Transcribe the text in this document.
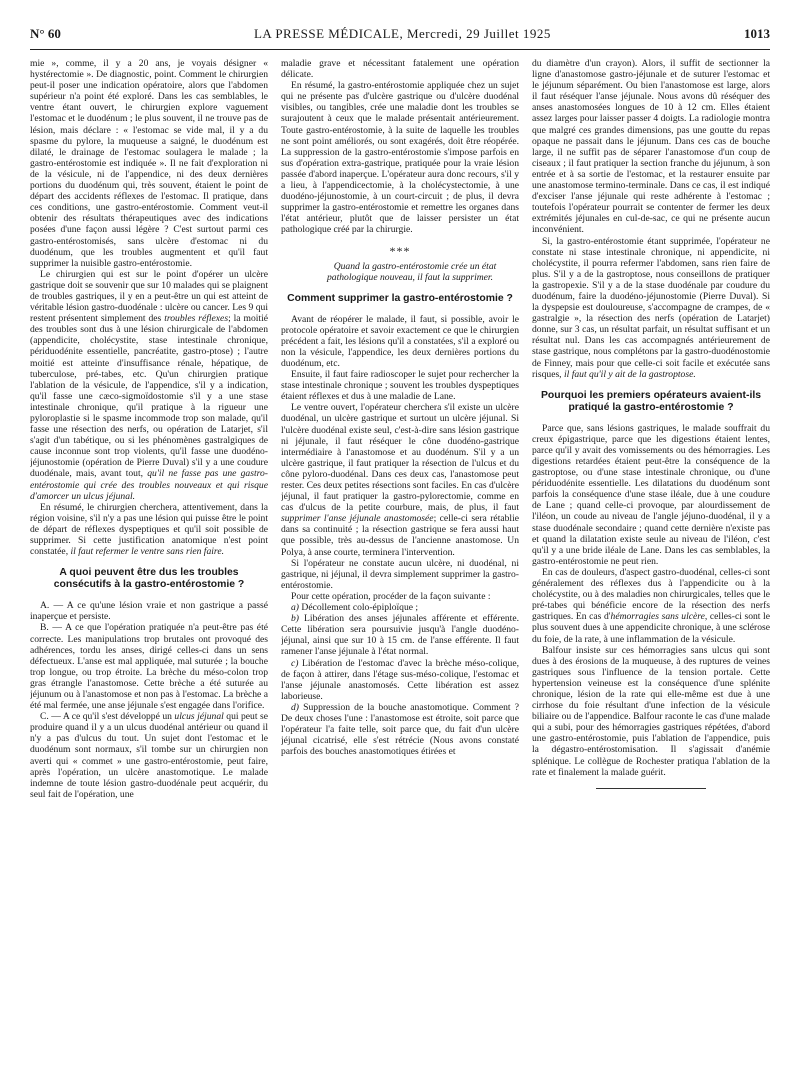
N° 60	LA PRESSE MÉDICALE, Mercredi, 29 Juillet 1925	1013

mie », comme, il y a 20 ans, je voyais désigner « hystérectomie ». De diagnostic, point. Comment le chirurgien peut-il poser une indication opératoire, alors que l'abdomen supérieur n'a point été exploré. Dans les cas semblables, le ventre étant ouvert, le chirurgien explore vaguement l'estomac et le duodénum ; le plus souvent, il ne trouve pas de lésion, mais déclare : « l'estomac se vide mal, il y a du spasme du pylore, la muqueuse a saigné, le duodénum est dilaté, le drainage de l'estomac soulagera le malade ; la gastro-entérostomie est indiquée ». Il ne fait d'exploration ni de la vésicule, ni de l'appendice, ni des deux dernières portions du duodénum qui, très souvent, étaient le point de départ des accidents réflexes de l'estomac. Il pratique, dans ces conditions, une gastro-entérostomie. Comment veut-il obtenir des résultats thérapeutiques avec des indications posées d'une façon aussi légère ? C'est surtout parmi ces gastro-entérostomisés, sans ulcère d'estomac ni du duodénum, que les troubles augmentent et qu'il faut supprimer la nuisible gastro-entérostomie.

Le chirurgien qui est sur le point d'opérer un ulcère gastrique doit se souvenir que sur 10 malades qui se plaignent de troubles gastriques, il y en a peut-être un qui est atteint de véritable lésion gastro-duodénale : ulcère ou cancer. Les 9 qui restent présentent simplement des troubles réflexes; la moitié des troubles sont dus à une lésion chirurgicale de l'abdomen (appendicite, cholécystite, stase intestinale chronique, périduodénite essentielle, pancréatite, gastro-ptose) ; l'autre moitié est atteinte d'insuffisance rénale, hépatique, de tuberculose, pré-tabes, etc. Qu'un chirurgien pratique l'ablation de la vésicule, de l'appendice, s'il y a indication, qu'il fasse une cæco-sigmoïdostomie s'il y a une stase intestinale chronique, qu'il pratique à la rigueur une pyloroplastie si le spasme incommode trop son malade, qu'il fasse une résection des nerfs, ou opération de Latarjet, s'il s'agit d'un tabétique, ou si les phénomènes gastralgiques de cause inconnue sont trop violents, qu'il fasse une duodéno-jéjunostomie (opération de Pierre Duval) s'il y a une coudure duodénale, mais, avant tout, qu'il ne fasse pas une gastro-entérostomie qui crée des troubles nouveaux et qui risque d'amorcer un ulcus jéjunal.

En résumé, le chirurgien cherchera, attentivement, dans la région voisine, s'il n'y a pas une lésion qui puisse être le point de départ de réflexes dyspeptiques et qu'il soit possible de supprimer. Si cette justification anatomique n'est point constatée, il faut refermer le ventre sans rien faire.

A quoi peuvent être dus les troubles consécutifs à la gastro-entérostomie ?

A. — A ce qu'une lésion vraie et non gastrique a passé inaperçue et persiste.

B. — A ce que l'opération pratiquée n'a peut-être pas été correcte. Les manipulations trop brutales ont provoqué des adhérences, tordu les anses, dirigé celles-ci dans un sens défectueux. L'anse est mal appliquée, mal suturée ; la bouche trop longue, ou trop étroite. La brèche du méso-colon trop gras étrangle l'anastomose. Cette brèche a été suturée au jéjunum ou à l'anastomose et non pas à l'estomac. La brèche a été mal fermée, une anse jéjunale s'est engagée dans l'orifice.

C. — A ce qu'il s'est développé un ulcus jéjunal qui peut se produire quand il y a un ulcus duodénal antérieur ou quand il n'y a pas d'ulcus du tout. Un sujet dont l'estomac et le duodénum sont normaux, s'il tombe sur un chirurgien non averti qui « commet » une gastro-entérostomie, peut faire, après l'opération, un ulcère anastomotique. Le malade indemne de toute lésion gastro-duodénale peut acquérir, du seul fait de l'opération, une

maladie grave et nécessitant fatalement une opération délicate.

En résumé, la gastro-entérostomie appliquée chez un sujet qui ne présente pas d'ulcère gastrique ou d'ulcère duodénal visibles, ou tangibles, crée une maladie dont les troubles se surajoutent à ceux que le malade présentait antérieurement. Toute gastro-entérostomie, à la suite de laquelle les troubles ne sont point améliorés, ou sont exagérés, doit être réopérée. La suppression de la gastro-entérostomie s'impose parfois en sus d'opération extra-gastrique, pratiquée pour la vraie lésion passée d'abord inaperçue. L'opérateur aura donc recours, s'il y a lieu, à l'appendicectomie, à la cholécystectomie, à une duodéno-jéjunostomie, à un court-circuit ; de plus, il devra supprimer la gastro-entérostomie et remettre les organes dans l'état antérieur, plutôt que de laisser persister un état pathologique créé par la chirurgie.

***

Quand la gastro-entérostomie crée un état pathologique nouveau, il faut la supprimer.

Comment supprimer la gastro-entérostomie ?

Avant de réopérer le malade, il faut, si possible, avoir le protocole opératoire et savoir exactement ce que le chirurgien précédent a fait, les lésions qu'il a constatées, s'il a exploré ou non la vésicule, l'appendice, les deux dernières portions du duodénum, etc.

Ensuite, il faut faire radioscoper le sujet pour rechercher la stase intestinale chronique ; souvent les troubles dyspeptiques étaient réflexes et dus à une maladie de Lane.

Le ventre ouvert, l'opérateur cherchera s'il existe un ulcère duodénal, un ulcère gastrique et surtout un ulcère jéjunal. Si l'ulcère duodénal existe seul, c'est-à-dire sans lésion gastrique ni jéjunale, il faut réséquer le cône duodéno-gastrique intermédiaire à l'anastomose et au duodénum. S'il y a un ulcère gastrique, il faut pratiquer la résection de l'ulcus et du cône pyloro-duodénal. Dans ces deux cas, l'anastomose peut rester. Ces deux petites résections sont faciles. En cas d'ulcère jéjunal, il faut pratiquer la gastro-pylorectomie, comme en cas d'ulcus de la petite courbure, mais, de plus, il faut supprimer l'anse jéjunale anastomosée; celle-ci sera rétablie dans sa continuité ; la résection gastrique se fera aussi haut que possible, très au-dessus de l'ancienne anastomose. Un Polya, à anse courte, terminera l'intervention.

Si l'opérateur ne constate aucun ulcère, ni duodénal, ni gastrique, ni jéjunal, il devra simplement supprimer la gastro-entérostomie.

Pour cette opération, procéder de la façon suivante :

a) Décollement colo-épiploïque ;

b) Libération des anses jéjunales afférente et efférente. Cette libération sera poursuivie jusqu'à l'angle duodéno-jéjunal, ainsi que sur 10 à 15 cm. de l'anse efférente. Il faut ramener l'anse jéjunale à l'état normal.

c) Libération de l'estomac d'avec la brèche méso-colique, de façon à attirer, dans l'étage sus-méso-colique, l'estomac et l'anse jéjunale anastomosés. Cette libération est assez laborieuse.

d) Suppression de la bouche anastomotique. Comment ? De deux choses l'une : l'anastomose est étroite, soit parce que l'opérateur l'a faite telle, soit parce que, du fait d'un ulcère jéjunal cicatrisé, elle s'est rétrécie (Nous avons constaté parfois des bouches anastomotiques étirées et

du diamètre d'un crayon). Alors, il suffit de sectionner la ligne d'anastomose gastro-jéjunale et de suturer l'estomac et le jéjunum séparément. Ou bien l'anastomose est large, alors il faut réséquer l'anse jéjunale. Nous avons dû réséquer des anses anastomosées longues de 10 à 12 cm. Elles étaient assez larges pour laisser passer 4 doigts. La radiologie montra que malgré ces grandes dimensions, pas une goutte du repas opaque ne passait dans le jéjunum. Dans ces cas de bouche large, il ne suffit pas de séparer l'anastomose d'un coup de ciseaux ; il faut pratiquer la section franche du jéjunum, à son entrée et à sa sortie de l'estomac, et la restaurer ensuite par une anastomose termino-terminale. Dans ce cas, il est indiqué d'exciser l'anse jéjunale qui reste adhérente à l'estomac ; toutefois l'opérateur pourrait se contenter de fermer les deux extrémités jéjunales en cul-de-sac, ce qui ne présente aucun inconvénient.

Si, la gastro-entérostomie étant supprimée, l'opérateur ne constate ni stase intestinale chronique, ni appendicite, ni cholécystite, il pourra refermer l'abdomen, sans rien faire de plus. S'il y a de la gastroptose, nous conseillons de pratiquer la gastropexie. S'il y a de la stase duodénale par coudure du duodénum, faire la duodéno-jéjunostomie (Pierre Duval). Si la dyspepsie est douloureuse, s'accompagne de crampes, de « gastralgie », la résection des nerfs (opération de Latarjet) donne, sur 3 cas, un résultat parfait, un résultat suffisant et un résultat nul. Dans les cas accompagnés antérieurement de stase gastrique, nous complétons par la gastro-duodénostomie de Finney, mais pour que celle-ci soit facile et exécutée sans risques, il faut qu'il y ait de la gastroptose.

Pourquoi les premiers opérateurs avaient-ils pratiqué la gastro-entérostomie ?

Parce que, sans lésions gastriques, le malade souffrait du creux épigastrique, parce que les digestions étaient lentes, parce qu'il y avait des vomissements ou des hémorragies. Les digestions retardées étaient peut-être la conséquence de la gastroptose, ou d'une stase intestinale chronique, ou d'une périduodénite essentielle. Les dilatations du duodénum sont parfois la conséquence d'une stase iléale, due à une coudure de Lane ; quand celle-ci provoque, par alourdissement de l'iléon, un coude au niveau de l'angle jéjuno-duodénal, il y a stase duodénale secondaire ; quand cette dernière n'existe pas et quand la dilatation existe seule au niveau de l'iléon, c'est qu'il y a une bride iléale de Lane. Dans les cas semblables, la gastro-entérostomie ne peut rien.

En cas de douleurs, d'aspect gastro-duodénal, celles-ci sont généralement des réflexes dus à l'appendicite ou à la cholécystite, ou à des maladies non chirurgicales, telles que le pré-tabes qui bénéficie encore de la résection des nerfs gastriques. En cas d'hémorragies sans ulcère, celles-ci sont le plus souvent dues à une appendicite chronique, à une sclérose du foie, de la rate, à une inflammation de la vésicule.

Balfour insiste sur ces hémorragies sans ulcus qui sont dues à des érosions de la muqueuse, à des ruptures de veines gastriques sous l'influence de la tension portale. Cette hypertension veineuse est la conséquence d'une splénite chronique, lésion de la rate qui elle-même est due à une cirrhose du foie résultant d'une infection de la vésicule biliaire ou de l'appendice. Balfour raconte le cas d'une malade qui a subi, pour des hémorragies gastriques répétées, d'abord une gastro-entérostomie, puis l'ablation de l'appendice, puis la dégastro-entérostomisation. Il s'agissait d'anémie splénique. Le collègue de Rochester pratiqua l'ablation de la rate et finalement la malade guérit.
